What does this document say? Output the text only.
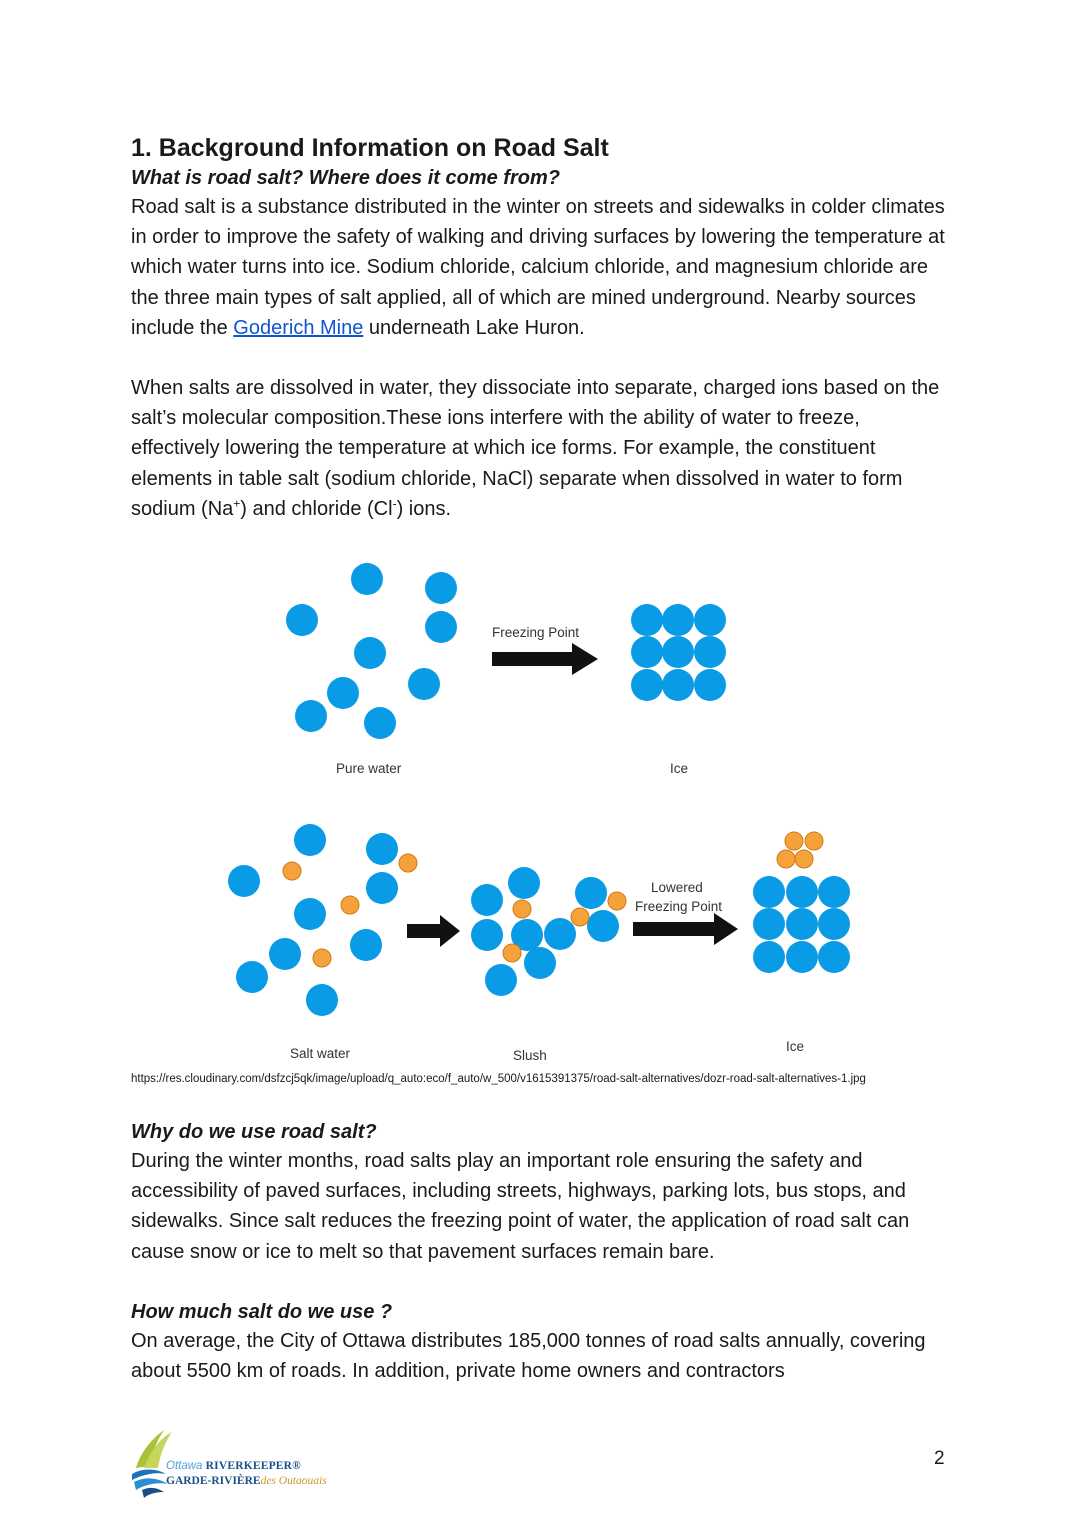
1. Background Information on Road Salt
What is road salt? Where does it come from?

Road salt is a substance distributed in the winter on streets and sidewalks in colder climates in order to improve the safety of walking and driving surfaces by lowering the temperature at which water turns into ice. Sodium chloride, calcium chloride, and magnesium chloride are the three main types of salt applied, all of which are mined underground. Nearby sources include the Goderich Mine underneath Lake Huron.

When salts are dissolved in water, they dissociate into separate, charged ions based on the salt’s molecular composition.These ions interfere with the ability of water to freeze, effectively lowering the temperature at which ice forms. For example, the constituent elements in table salt (sodium chloride, NaCl) separate when dissolved in water to form sodium (Na+) and chloride (Cl-) ions.

Freezing Point
Pure water	Ice
Lowered
Freezing Point
Salt water	Slush
Ice
https://res.cloudinary.com/dsfzcj5qk/image/upload/q_auto:eco/f_auto/w_500/v1615391375/road-salt-alternatives/dozr-road-salt-alternatives-1.jpg
Why do we use road salt?

During the winter months, road salts play an important role ensuring the safety and accessibility of paved surfaces, including streets, highways, parking lots, bus stops, and sidewalks. Since salt reduces the freezing point of water, the application of road salt can cause snow or ice to melt so that pavement surfaces remain bare.

How much salt do we use ?

On average, the City of Ottawa distributes 185,000 tonnes of road salts annually, covering about 5500 km of roads. In addition, private home owners and contractors

Ottawa RIVERKEEPER®
GARDE-RIVIÈREdes Outaouais
2
